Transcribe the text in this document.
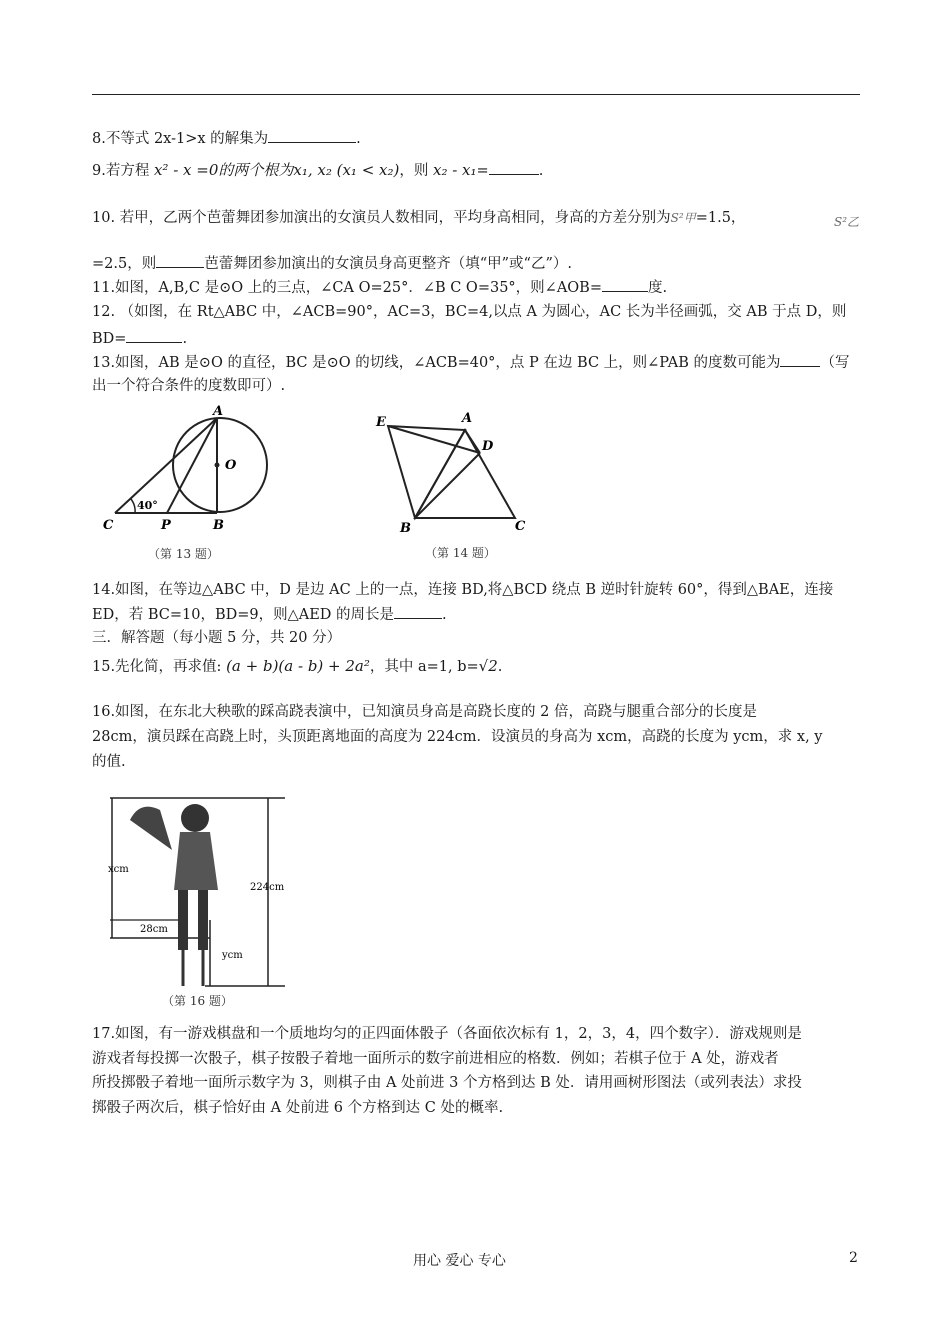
8.不等式 2x-1>x 的解集为	.
9.若方程 x² - x =0的两个根为x₁, x₂ (x₁ < x₂)，则 x₂ - x₁=	.
10. 若甲，乙两个芭蕾舞团参加演出的女演员人数相同，平均身高相同，身高的方差分别为S²甲=1.5，	S²乙
=2.5，则	芭蕾舞团参加演出的女演员身高更整齐（填“甲”或“乙”）.
11.如图，A,B,C 是⊙O 上的三点，∠CA O=25°．∠B C O=35°，则∠AOB=	度.
12. （如图，在 Rt△ABC 中，∠ACB=90°，AC=3，BC=4,以点 A 为圆心，AC 长为半径画弧，交 AB 于点 D，则
BD=	.
13.如图，AB 是⊙O 的直径，BC 是⊙O 的切线，∠ACB=40°，点 P 在边 BC 上，则∠PAB 的度数可能为	（写
出一个符合条件的度数即可）.
A
O
C	P	B
40°
（第 13 题）
E	A
D
B	C
（第 14 题）
14.如图，在等边△ABC 中，D 是边 AC 上的一点，连接 BD,将△BCD 绕点 B 逆时针旋转 60°，得到△BAE，连接
ED，若 BC=10，BD=9，则△AED 的周长是	.
三．解答题（每小题 5 分，共 20 分）
15.先化简，再求值: (a + b)(a - b) + 2a²，其中 a=1, b=√2.
16.如图，在东北大秧歌的踩高跷表演中，已知演员身高是高跷长度的 2 倍，高跷与腿重合部分的长度是
28cm，演员踩在高跷上时，头顶距离地面的高度为 224cm．设演员的身高为 xcm，高跷的长度为 ycm，求 x, y
的值.
xcm
224cm
28cm
ycm
（第 16 题）
17.如图，有一游戏棋盘和一个质地均匀的正四面体骰子（各面依次标有 1，2，3，4，四个数字）．游戏规则是
游戏者每投掷一次骰子，棋子按骰子着地一面所示的数字前进相应的格数．例如；若棋子位于 A 处，游戏者
所投掷骰子着地一面所示数字为 3，则棋子由 A 处前进 3 个方格到达 B 处．请用画树形图法（或列表法）求投
掷骰子两次后，棋子恰好由 A 处前进 6 个方格到达 C 处的概率.
用心 爱心 专心	2
